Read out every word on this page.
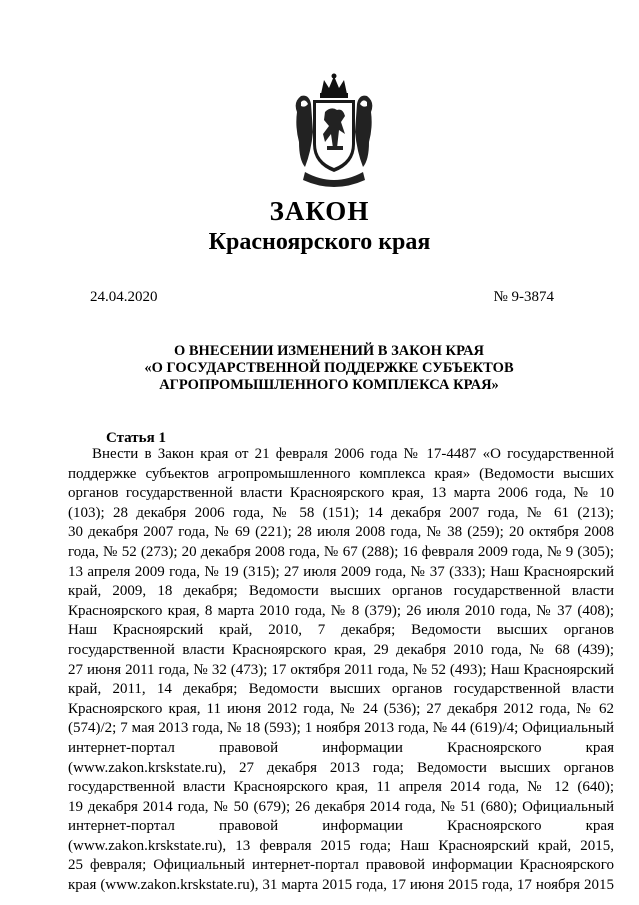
ЗАКОН
Красноярского края
24.04.2020	№ 9-3874
О ВНЕСЕНИИ ИЗМЕНЕНИЙ В ЗАКОН КРАЯ
«О ГОСУДАРСТВЕННОЙ ПОДДЕРЖКЕ СУБЪЕКТОВ
АГРОПРОМЫШЛЕННОГО КОМПЛЕКСА КРАЯ»
Статья 1
Внести в Закон края от 21 февраля 2006 года № 17-4487 «О государственной
поддержке субъектов агропромышленного комплекса края» (Ведомости высших
органов государственной власти Красноярского края, 13 марта 2006 года, № 10
(103); 28 декабря 2006 года, № 58 (151); 14 декабря 2007 года, № 61 (213);
30 декабря 2007 года, № 69 (221); 28 июля 2008 года, № 38 (259); 20 октября 2008
года, № 52 (273); 20 декабря 2008 года, № 67 (288); 16 февраля 2009 года, № 9 (305);
13 апреля 2009 года, № 19 (315); 27 июля 2009 года, № 37 (333); Наш Красноярский
край, 2009, 18 декабря; Ведомости высших органов государственной власти
Красноярского края, 8 марта 2010 года, № 8 (379); 26 июля 2010 года, № 37 (408);
Наш Красноярский край, 2010, 7 декабря; Ведомости высших органов
государственной власти Красноярского края, 29 декабря 2010 года, № 68 (439);
27 июня 2011 года, № 32 (473); 17 октября 2011 года, № 52 (493); Наш Красноярский
край, 2011, 14 декабря; Ведомости высших органов государственной власти
Красноярского края, 11 июня 2012 года, № 24 (536); 27 декабря 2012 года, № 62
(574)/2; 7 мая 2013 года, № 18 (593); 1 ноября 2013 года, № 44 (619)/4; Официальный
интернет-портал правовой информации Красноярского края
(www.zakon.krskstate.ru), 27 декабря 2013 года; Ведомости высших органов
государственной власти Красноярского края, 11 апреля 2014 года, № 12 (640);
19 декабря 2014 года, № 50 (679); 26 декабря 2014 года, № 51 (680); Официальный
интернет-портал правовой информации Красноярского края
(www.zakon.krskstate.ru), 13 февраля 2015 года; Наш Красноярский край, 2015,
25 февраля; Официальный интернет-портал правовой информации Красноярского
края (www.zakon.krskstate.ru), 31 марта 2015 года, 17 июня 2015 года, 17 ноября 2015
